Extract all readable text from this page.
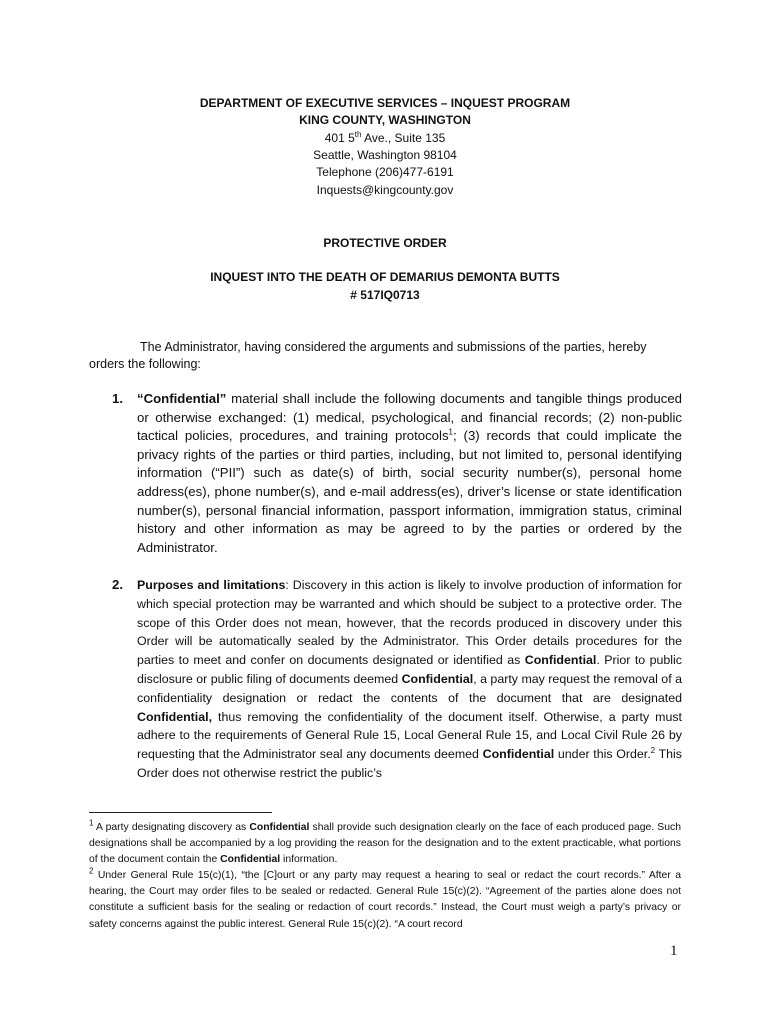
DEPARTMENT OF EXECUTIVE SERVICES – INQUEST PROGRAM
KING COUNTY, WASHINGTON
401 5th Ave., Suite 135
Seattle, Washington 98104
Telephone (206)477-6191
Inquests@kingcounty.gov
PROTECTIVE ORDER
INQUEST INTO THE DEATH OF DEMARIUS DEMONTA BUTTS
# 517IQ0713

The Administrator, having considered the arguments and submissions of the parties, hereby orders the following:

1. “Confidential” material shall include the following documents and tangible things produced or otherwise exchanged: (1) medical, psychological, and financial records; (2) non-public tactical policies, procedures, and training protocols$^1$; (3) records that could implicate the privacy rights of the parties or third parties, including, but not limited to, personal identifying information (“PII”) such as date(s) of birth, social security number(s), personal home address(es), phone number(s), and e-mail address(es), driver’s license or state identification number(s), personal financial information, passport information, immigration status, criminal history and other information as may be agreed to by the parties or ordered by the Administrator.
2. Purposes and limitations: Discovery in this action is likely to involve production of information for which special protection may be warranted and which should be subject to a protective order. The scope of this Order does not mean, however, that the records produced in discovery under this Order will be automatically sealed by the Administrator. This Order details procedures for the parties to meet and confer on documents designated or identified as Confidential. Prior to public disclosure or public filing of documents deemed Confidential, a party may request the removal of a confidentiality designation or redact the contents of the document that are designated Confidential, thus removing the confidentiality of the document itself. Otherwise, a party must adhere to the requirements of General Rule 15, Local General Rule 15, and Local Civil Rule 26 by requesting that the Administrator seal any documents deemed Confidential under this Order.$^2$ This Order does not otherwise restrict the public’s

$^1$ A party designating discovery as Confidential shall provide such designation clearly on the face of each produced page. Such designations shall be accompanied by a log providing the reason for the designation and to the extent practicable, what portions of the document contain the Confidential information.

$^2$ Under General Rule 15(c)(1), “the [C]ourt or any party may request a hearing to seal or redact the court records.” After a hearing, the Court may order files to be sealed or redacted. General Rule 15(c)(2). “Agreement of the parties alone does not constitute a sufficient basis for the sealing or redaction of court records.” Instead, the Court must weigh a party’s privacy or safety concerns against the public interest. General Rule 15(c)(2). “A court record

1
